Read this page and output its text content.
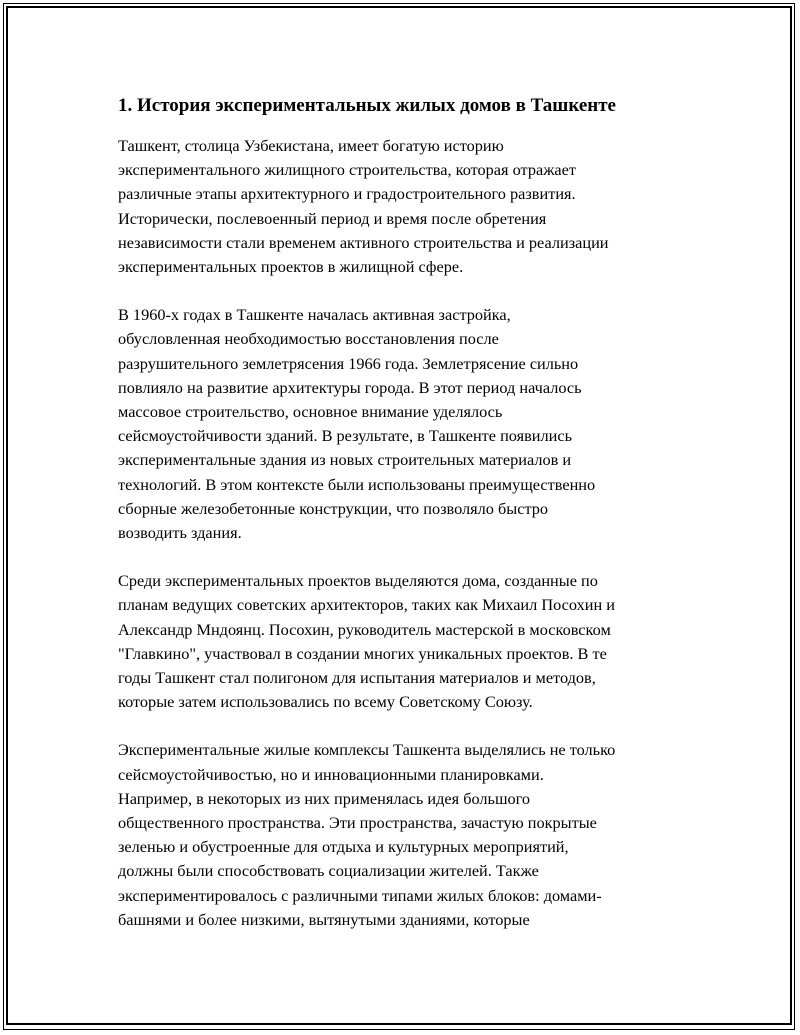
1. История экспериментальных жилых домов в Ташкенте
Ташкент, столица Узбекистана, имеет богатую историю
экспериментального жилищного строительства, которая отражает
различные этапы архитектурного и градостроительного развития.
Исторически, послевоенный период и время после обретения
независимости стали временем активного строительства и реализации
экспериментальных проектов в жилищной сфере.
В 1960-х годах в Ташкенте началась активная застройка,
обусловленная необходимостью восстановления после
разрушительного землетрясения 1966 года. Землетрясение сильно
повлияло на развитие архитектуры города. В этот период началось
массовое строительство, основное внимание уделялось
сейсмоустойчивости зданий. В результате, в Ташкенте появились
экспериментальные здания из новых строительных материалов и
технологий. В этом контексте были использованы преимущественно
сборные железобетонные конструкции, что позволяло быстро
возводить здания.
Среди экспериментальных проектов выделяются дома, созданные по
планам ведущих советских архитекторов, таких как Михаил Посохин и
Александр Мндоянц. Посохин, руководитель мастерской в московском
"Главкино", участвовал в создании многих уникальных проектов. В те
годы Ташкент стал полигоном для испытания материалов и методов,
которые затем использовались по всему Советскому Союзу.
Экспериментальные жилые комплексы Ташкента выделялись не только
сейсмоустойчивостью, но и инновационными планировками.
Например, в некоторых из них применялась идея большого
общественного пространства. Эти пространства, зачастую покрытые
зеленью и обустроенные для отдыха и культурных мероприятий,
должны были способствовать социализации жителей. Также
экспериментировалось с различными типами жилых блоков: домами-
башнями и более низкими, вытянутыми зданиями, которые
